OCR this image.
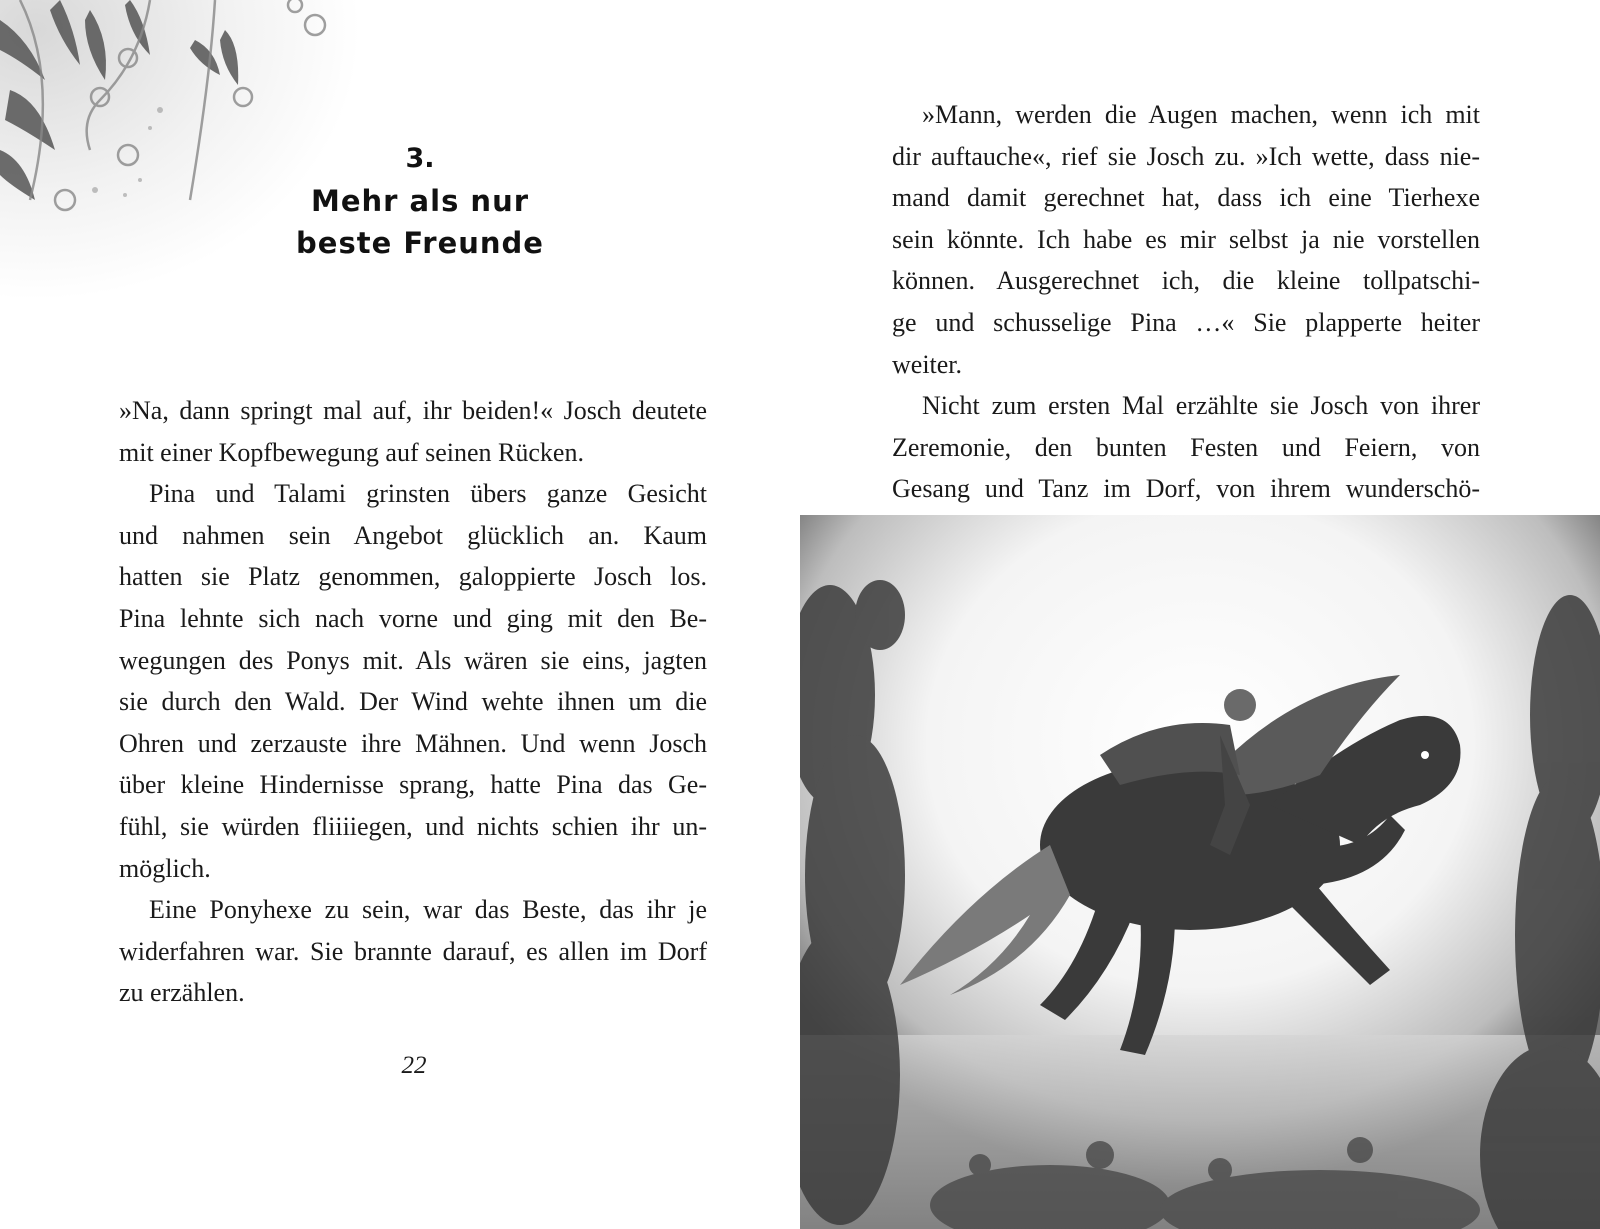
3.
Mehr als nur
beste Freunde
»Na, dann springt mal auf, ihr beiden!« Josch deutete
mit einer Kopfbewegung auf seinen Rücken.
Pina und Talami grinsten übers ganze Gesicht
und nahmen sein Angebot glücklich an. Kaum
hatten sie Platz genommen, galoppierte Josch los.
Pina lehnte sich nach vorne und ging mit den Be-
wegungen des Ponys mit. Als wären sie eins, jagten
sie durch den Wald. Der Wind wehte ihnen um die
Ohren und zerzauste ihre Mähnen. Und wenn Josch
über kleine Hindernisse sprang, hatte Pina das Ge-
fühl, sie würden fliiiiegen, und nichts schien ihr un-
möglich.
Eine Ponyhexe zu sein, war das Beste, das ihr je
widerfahren war. Sie brannte darauf, es allen im Dorf
zu erzählen.
22
»Mann, werden die Augen machen, wenn ich mit
dir auftauche«, rief sie Josch zu. »Ich wette, dass nie-
mand damit gerechnet hat, dass ich eine Tierhexe
sein könnte. Ich habe es mir selbst ja nie vorstellen
können. Ausgerechnet ich, die kleine tollpatschi-
ge und schusselige Pina …« Sie plapperte heiter
weiter.
Nicht zum ersten Mal erzählte sie Josch von ihrer
Zeremonie, den bunten Festen und Feiern, von
Gesang und Tanz im Dorf, von ihrem wunderschö-
